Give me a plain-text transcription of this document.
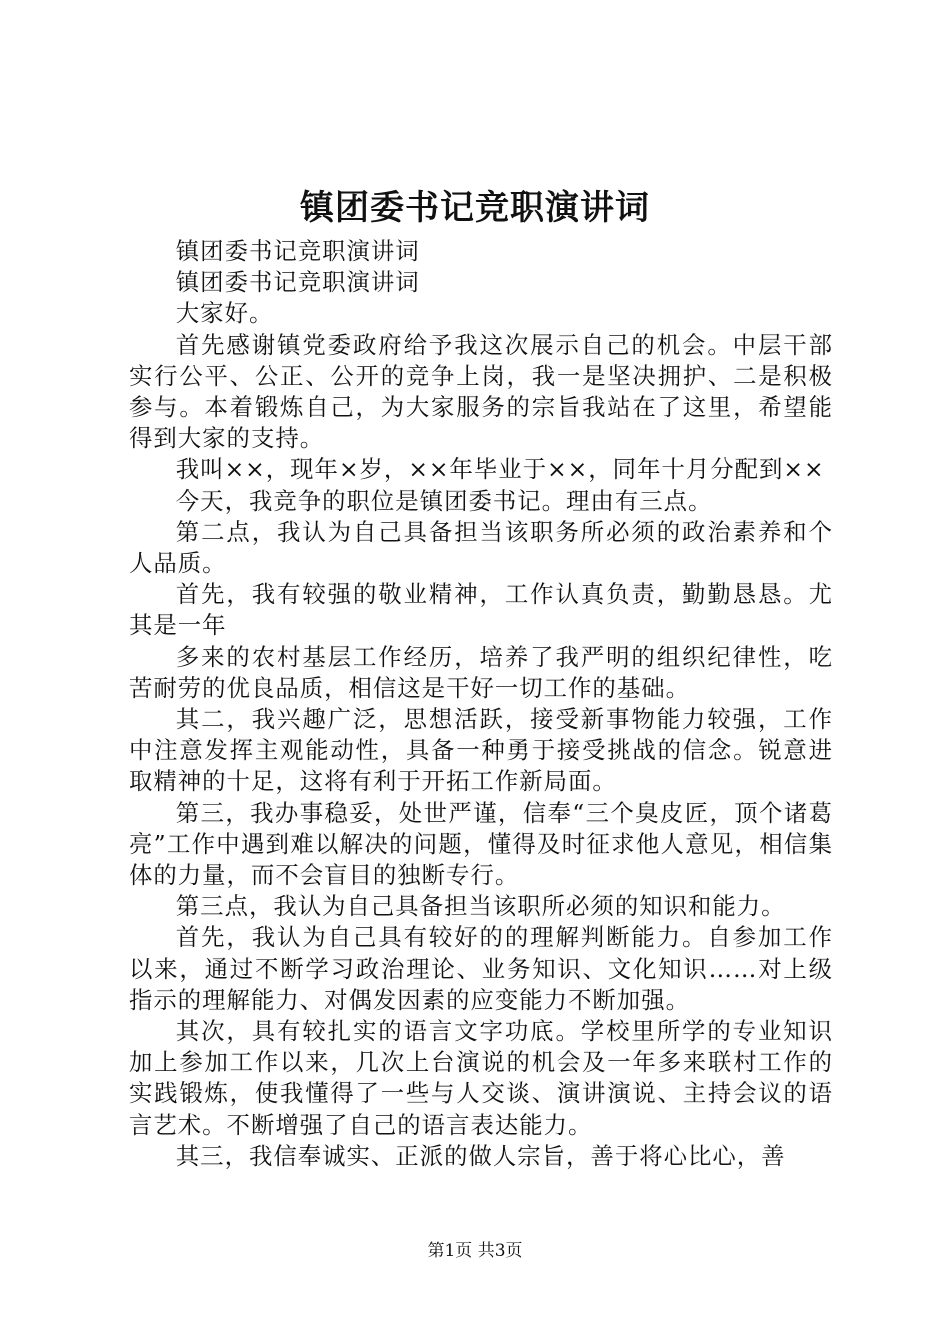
镇团委书记竞职演讲词

镇团委书记竞职演讲词

镇团委书记竞职演讲词

大家好。

首先感谢镇党委政府给予我这次展示自己的机会。中层干部实行公平、公正、公开的竞争上岗，我一是坚决拥护、二是积极参与。本着锻炼自己，为大家服务的宗旨我站在了这里，希望能得到大家的支持。

我叫××，现年×岁，××年毕业于××，同年十月分配到××

今天，我竞争的职位是镇团委书记。理由有三点。

第二点，我认为自己具备担当该职务所必须的政治素养和个人品质。

首先，我有较强的敬业精神，工作认真负责，勤勤恳恳。尤其是一年

多来的农村基层工作经历，培养了我严明的组织纪律性，吃苦耐劳的优良品质，相信这是干好一切工作的基础。

其二，我兴趣广泛，思想活跃，接受新事物能力较强，工作中注意发挥主观能动性，具备一种勇于接受挑战的信念。锐意进取精神的十足，这将有利于开拓工作新局面。

第三，我办事稳妥，处世严谨，信奉“三个臭皮匠，顶个诸葛亮”工作中遇到难以解决的问题，懂得及时征求他人意见，相信集体的力量，而不会盲目的独断专行。

第三点，我认为自己具备担当该职所必须的知识和能力。

首先，我认为自己具有较好的的理解判断能力。自参加工作以来，通过不断学习政治理论、业务知识、文化知识……对上级指示的理解能力、对偶发因素的应变能力不断加强。

其次，具有较扎实的语言文字功底。学校里所学的专业知识加上参加工作以来，几次上台演说的机会及一年多来联村工作的实践锻炼，使我懂得了一些与人交谈、演讲演说、主持会议的语言艺术。不断增强了自己的语言表达能力。

其三，我信奉诚实、正派的做人宗旨，善于将心比心，善

第1页 共3页
